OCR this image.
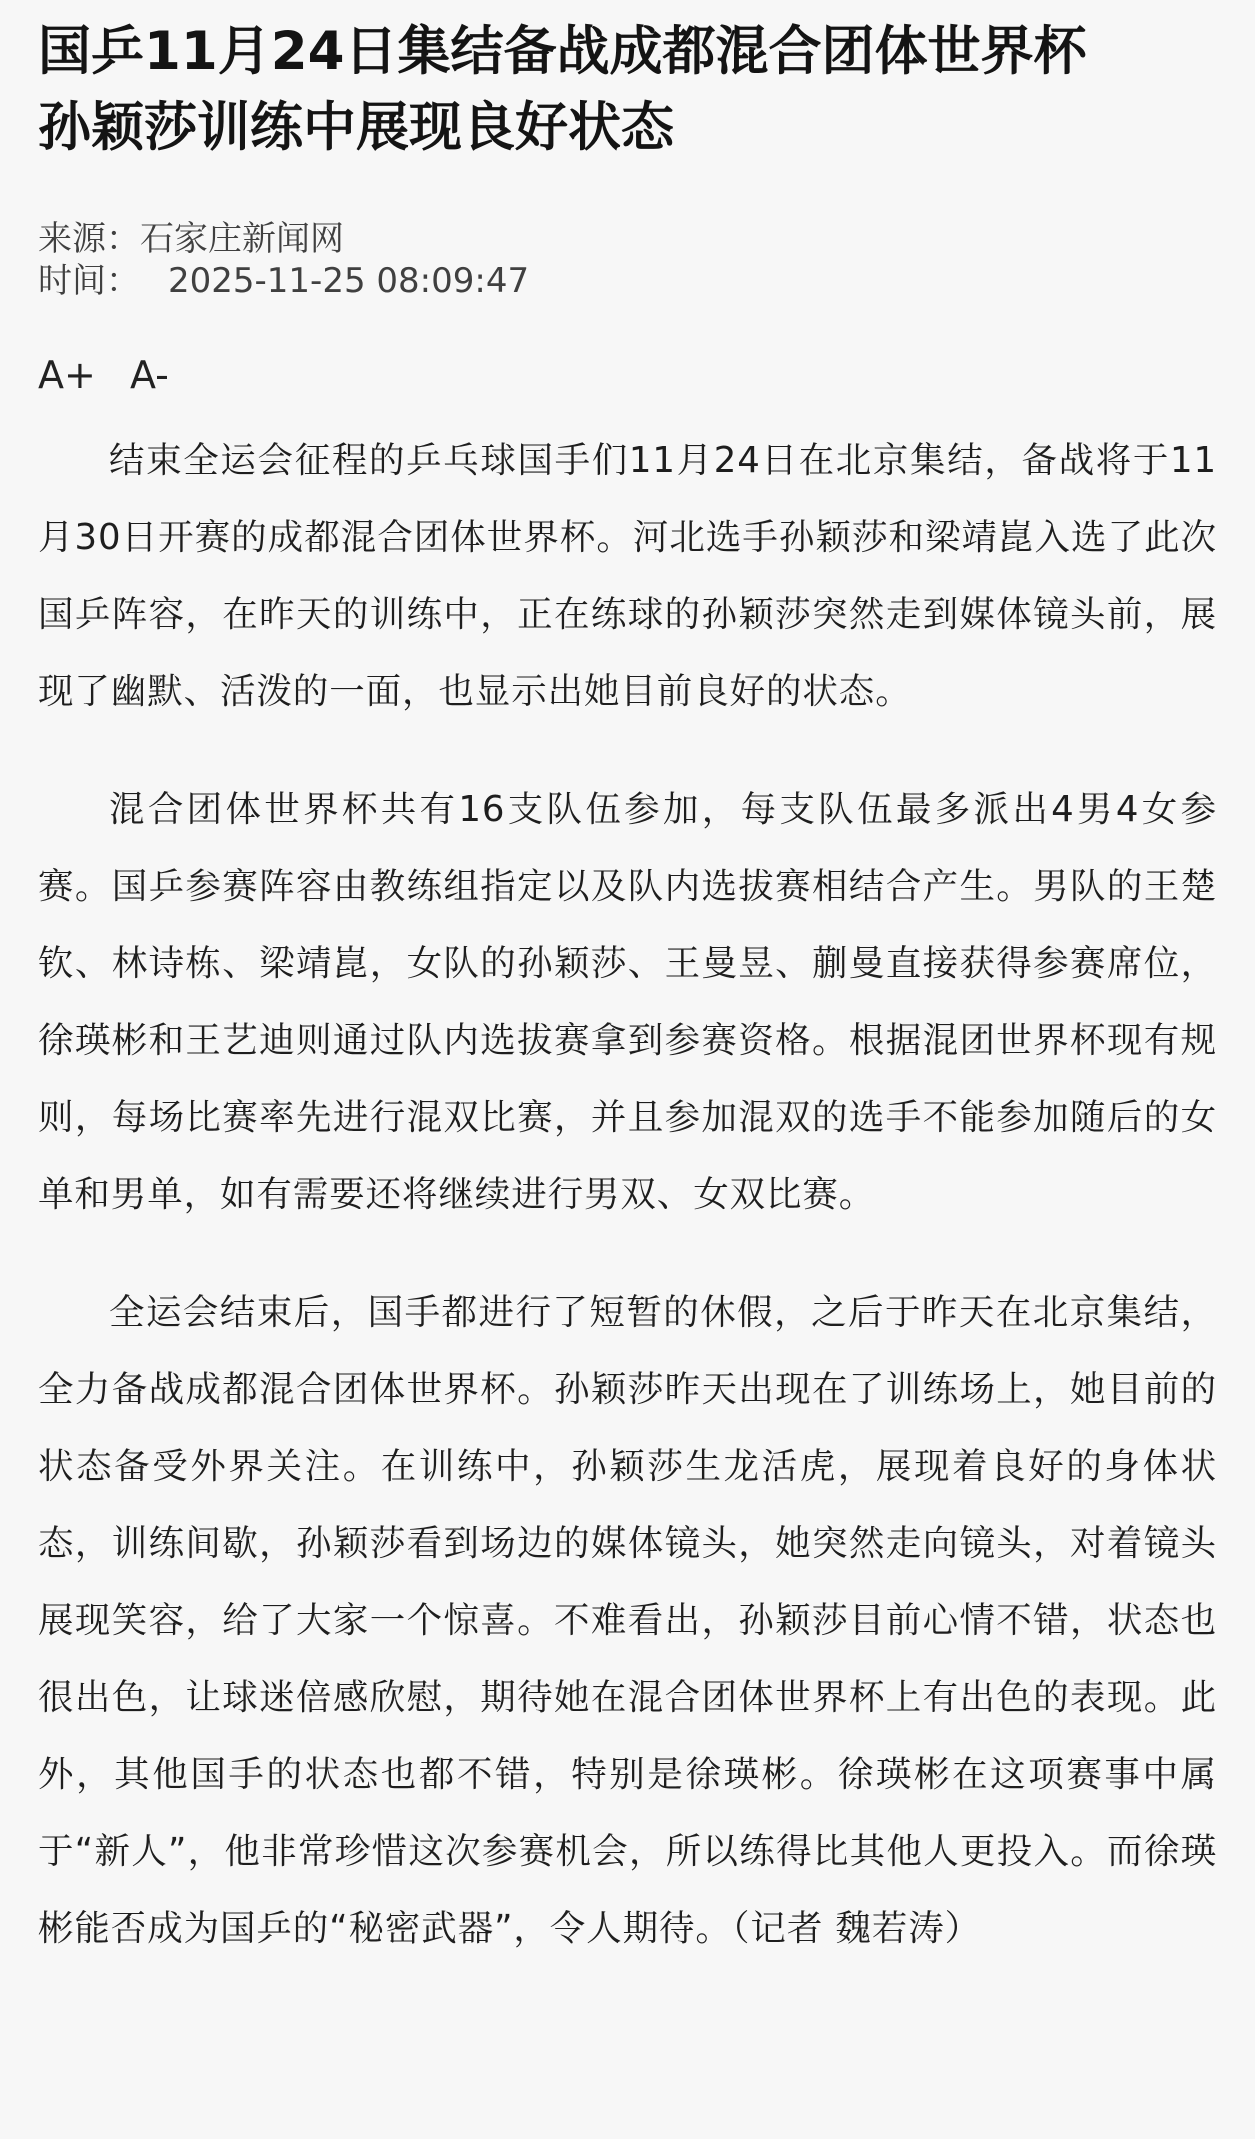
国乒11月24日集结备战成都混合团体世界杯
孙颖莎训练中展现良好状态
来源：石家庄新闻网
时间： 2025-11-25 08:09:47
A+ A-

结束全运会征程的乒乓球国手们11月24日在北京集结，备战将于11月30日开赛的成都混合团体世界杯。河北选手孙颖莎和梁靖崑入选了此次国乒阵容，在昨天的训练中，正在练球的孙颖莎突然走到媒体镜头前，展现了幽默、活泼的一面，也显示出她目前良好的状态。

混合团体世界杯共有16支队伍参加，每支队伍最多派出4男4女参赛。国乒参赛阵容由教练组指定以及队内选拔赛相结合产生。男队的王楚钦、林诗栋、梁靖崑，女队的孙颖莎、王曼昱、蒯曼直接获得参赛席位，徐瑛彬和王艺迪则通过队内选拔赛拿到参赛资格。根据混团世界杯现有规则，每场比赛率先进行混双比赛，并且参加混双的选手不能参加随后的女单和男单，如有需要还将继续进行男双、女双比赛。

全运会结束后，国手都进行了短暂的休假，之后于昨天在北京集结，全力备战成都混合团体世界杯。孙颖莎昨天出现在了训练场上，她目前的状态备受外界关注。在训练中，孙颖莎生龙活虎，展现着良好的身体状态，训练间歇，孙颖莎看到场边的媒体镜头，她突然走向镜头，对着镜头展现笑容，给了大家一个惊喜。不难看出，孙颖莎目前心情不错，状态也很出色，让球迷倍感欣慰，期待她在混合团体世界杯上有出色的表现。此外，其他国手的状态也都不错，特别是徐瑛彬。徐瑛彬在这项赛事中属于“新人”，他非常珍惜这次参赛机会，所以练得比其他人更投入。而徐瑛彬能否成为国乒的“秘密武器”，令人期待。（记者 魏若涛）
